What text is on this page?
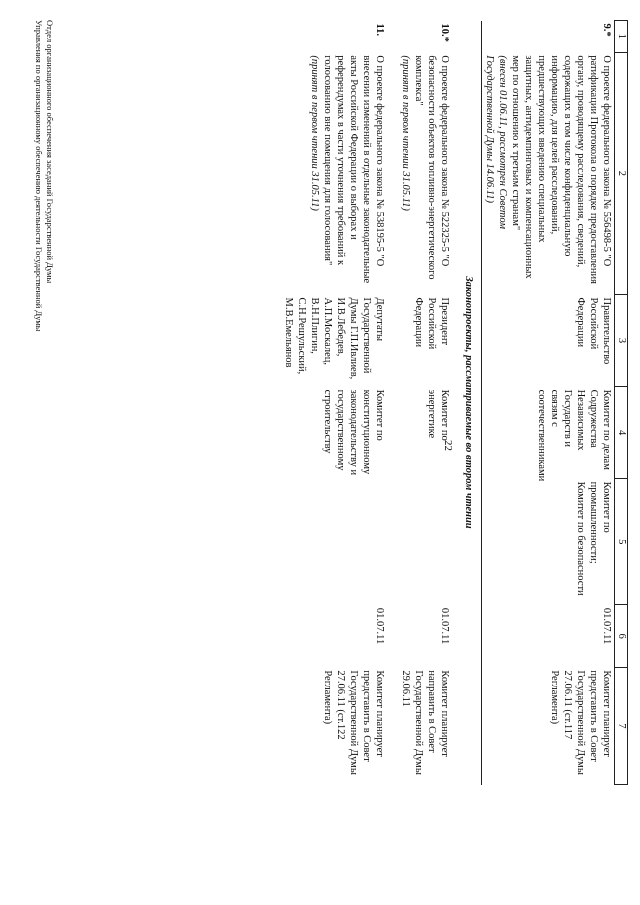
22
1	2	3	4	5	6	7
9.*	О проекте федерального закона № 556498-5 "О ратификации Протокола о порядке предоставления органу, проводящему расследования, сведений, содержащих в том числе конфиденциальную информацию, для целей расследований, предшествующих введению специальных защитных, антидемпинговых и компенсационных мер по отношению к третьим странам"
(внесен 01.06.11, рассмотрен Советом Государственной Думы 14.06.11)	Правительство Российской Федерации	Комитет по делам Содружества Независимых Государств и связям с соотечественниками	Комитет по промышленности; Комитет по безопасности	01.07.11	Комитет планирует представить в Совет Государственной Думы 27.06.11 (ст.117 Регламента)
Законопроекты, рассматриваемые во втором чтении						
10.*	О проекте федерального закона № 522325-5 "О безопасности объектов топливно-энергетического комплекса"
(принят в первом чтении 31.05.11)	Президент Российской Федерации	Комитет по энергетике		01.07.11	Комитет планирует направить в Совет Государственной Думы 29.06.11
11.	О проекте федерального закона № 538195-5 "О внесении изменений в отдельные законодательные акты Российской Федерации о выборах и референдумах в части уточнения требований к голосованию вне помещения для голосования"
(принят в первом чтении 31.05.11)	Депутаты Государственной Думы Г.П.Ивлиев, И.В.Лебедев, А.П.Москалец, В.Н.Плигин, С.Н.Решульский, М.В.Емельянов	Комитет по конституционному законодательству и государственному строительству		01.07.11	Комитет планирует представить в Совет Государственной Думы 27.06.11 (ст.122 Регламента)
Отдел организационного обеспечения заседаний Государственной Думы
Управления по организационному обеспечению деятельности Государственной Думы
